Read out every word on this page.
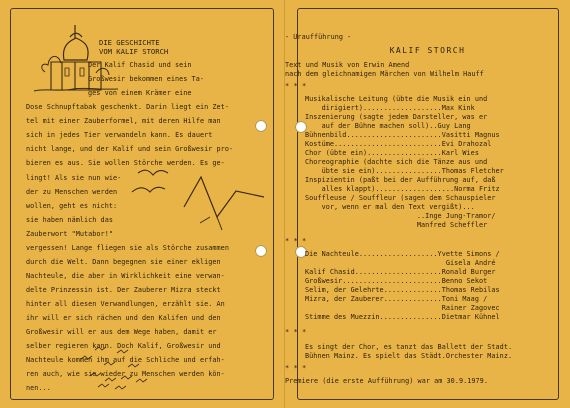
DIE GESCHICHTE
VOM KALIF STORCH
Der Kalif Chasid und sein
Großwesir bekommen eines Ta-
ges von einem Krämer eine
Dose Schnupftabak geschenkt. Darin liegt ein Zet-
tel mit einer Zauberformel, mit deren Hilfe man
sich in jedes Tier verwandeln kann. Es dauert
nicht lange, und der Kalif und sein Großwesir pro-
bieren es aus. Sie wollen Störche werden. Es ge-
lingt! Als sie nun wie-
der zu Menschen werden
wollen, geht es nicht:
sie haben nämlich das
Zauberwort "Mutabor!"
vergessen! Lange fliegen sie als Störche zusammen
durch die Welt. Dann begegnen sie einer ekligen
Nachteule, die aber in Wirklichkeit eine verwan-
delte Prinzessin ist. Der Zauberer Mizra steckt
hinter all diesen Verwandlungen, erzählt sie. An
ihr will er sich rächen und den Kalifen und den
Großwesir will er aus dem Wege haben, damit er
selber regieren kann. Doch Kalif, Großwesir und
Nachteule kommen ihm auf die Schliche und erfah-
ren auch, wie sie wieder zu Menschen werden kön-
nen...
- Uraufführung -
KALIF STORCH
Text und Musik von Erwin Amend
nach dem gleichnamigen Märchen von Wilhelm Hauff
* * *
Musikalische Leitung (übte die Musik ein und
dirigiert)...................Max Kink
Inszenierung (sagte jedem Darsteller, was er
auf der Bühne machen soll)..Guy Lang
Bühnenbild.......................Vasitti Magnus
Kostüme..........................Evi Drahozal
Chor (übte ein)..................Karl Wies
Choreographie (dachte sich die Tänze aus und
übte sie ein)................Thomas Fletcher
Inspizientin (paßt bei der Aufführung auf, daß
alles klappt)...................Norma Fritz
Souffleuse / Souffleur (sagen dem Schauspieler
vor, wenn er mal den Text vergißt)...
..Inge Jung-Tramor/
Manfred Scheffler
* * *
Die Nachteule...................Yvette Simons /
Gisela André
Kalif Chasid.....................Ronald Burger
Großwesir........................Benno Sekot
Selim, der Gelehrte..............Thomas Rebilas
Mizra, der Zauberer..............Toni Maag /
Rainer Zagovec
Stimme des Muezzin...............Dietmar Kühnel
* * *
Es singt der Chor, es tanzt das Ballett der Stadt.
Bühnen Mainz. Es spielt das Städt.Orchester Mainz.
* * *
Premiere (die erste Aufführung) war am 30.9.1979.
